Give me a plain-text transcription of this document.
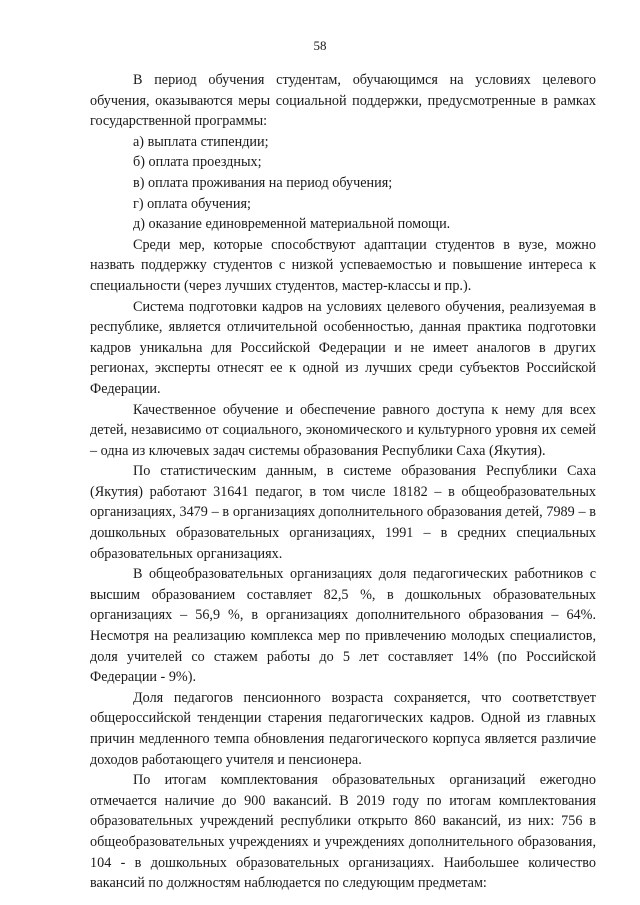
58

В период обучения студентам, обучающимся на условиях целевого обучения, оказываются меры социальной поддержки, предусмотренные в рамках государственной программы:

а) выплата стипендии;

б) оплата проездных;

в) оплата проживания на период обучения;

г) оплата обучения;

д) оказание единовременной материальной помощи.

Среди мер, которые способствуют адаптации студентов в вузе, можно назвать поддержку студентов с низкой успеваемостью и повышение интереса к специальности (через лучших студентов, мастер-классы и пр.).

Система подготовки кадров на условиях целевого обучения, реализуемая в республике, является отличительной особенностью, данная практика подготовки кадров уникальна для Российской Федерации и не имеет аналогов в других регионах, эксперты отнесят ее к одной из лучших среди субъектов Российской Федерации.

Качественное обучение и обеспечение равного доступа к нему для всех детей, независимо от социального, экономического и культурного уровня их семей – одна из ключевых задач системы образования Республики Саха (Якутия).

По статистическим данным, в системе образования Республики Саха (Якутия) работают 31641 педагог, в том числе 18182 – в общеобразовательных организациях, 3479 – в организациях дополнительного образования детей, 7989 – в дошкольных образовательных организациях, 1991 – в средних специальных образовательных организациях.

В общеобразовательных организациях доля педагогических работников с высшим образованием составляет 82,5 %, в дошкольных образовательных организациях – 56,9 %, в организациях дополнительного образования – 64%. Несмотря на реализацию комплекса мер по привлечению молодых специалистов, доля учителей со стажем работы до 5 лет составляет 14% (по Российской Федерации - 9%).

Доля педагогов пенсионного возраста сохраняется, что соответствует общероссийской тенденции старения педагогических кадров. Одной из главных причин медленного темпа обновления педагогического корпуса является различие доходов работающего учителя и пенсионера.

По итогам комплектования образовательных организаций ежегодно отмечается наличие до 900 вакансий. В 2019 году по итогам комплектования образовательных учреждений республики открыто 860 вакансий, из них: 756 в общеобразовательных учреждениях и учреждениях дополнительного образования, 104 - в дошкольных образовательных организациях. Наибольшее количество вакансий по должностям наблюдается по следующим предметам:
